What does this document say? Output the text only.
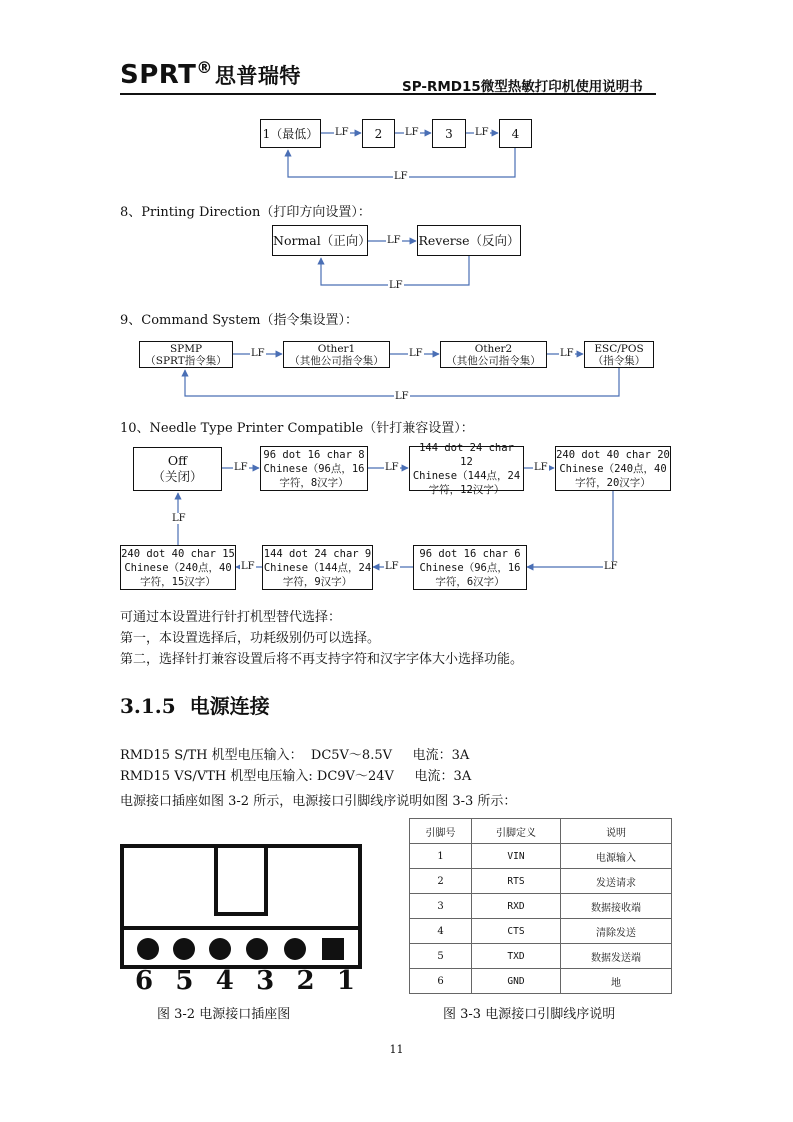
SPRT®思普瑞特	SP-RMD15微型热敏打印机使用说明书
1（最低）	2	3	4
LF	LF	LF
LF
8、Printing Direction（打印方向设置）：
Normal（正向）	Reverse（反向）
LF
LF
9、Command System（指令集设置）：
SPMP
（SPRT指令集）
Other1
（其他公司指令集）
Other2
（其他公司指令集）
ESC/POS
（指令集）
LF	LF	LF
LF
10、Needle Type Printer Compatible（针打兼容设置）：
Off
（关闭）
96 dot 16 char 8
Chinese（96点，16
字符，8汉字）
144 dot 24 char 12
Chinese（144点，24
字符，12汉字）
240 dot 40 char 20
Chinese（240点，40
字符，20汉字）
240 dot 40 char 15
Chinese（240点，40
字符，15汉字）
144 dot 24 char 9
Chinese（144点，24
字符，9汉字）
96 dot 16 char 6
Chinese（96点，16
字符，6汉字）
LF	LF	LF
LF
LF
LF
LF
可通过本设置进行针打机型替代选择：
第一，本设置选择后，功耗级别仍可以选择。
第二，选择针打兼容设置后将不再支持字符和汉字字体大小选择功能。
3.1.5 电源连接
RMD15 S/TH 机型电压输入： DC5V～8.5V 电流：3A
RMD15 VS/VTH 机型电压输入: DC9V～24V 电流：3A
电源接口插座如图 3-2 所示，电源接口引脚线序说明如图 3-3 所示：
6 5 4 3 2 1
图 3-2 电源接口插座图
引脚号	引脚定义	说明
1	VIN	电源输入
2	RTS	发送请求
3	RXD	数据接收端
4	CTS	清除发送
5	TXD	数据发送端
6	GND	地
图 3-3 电源接口引脚线序说明
11
